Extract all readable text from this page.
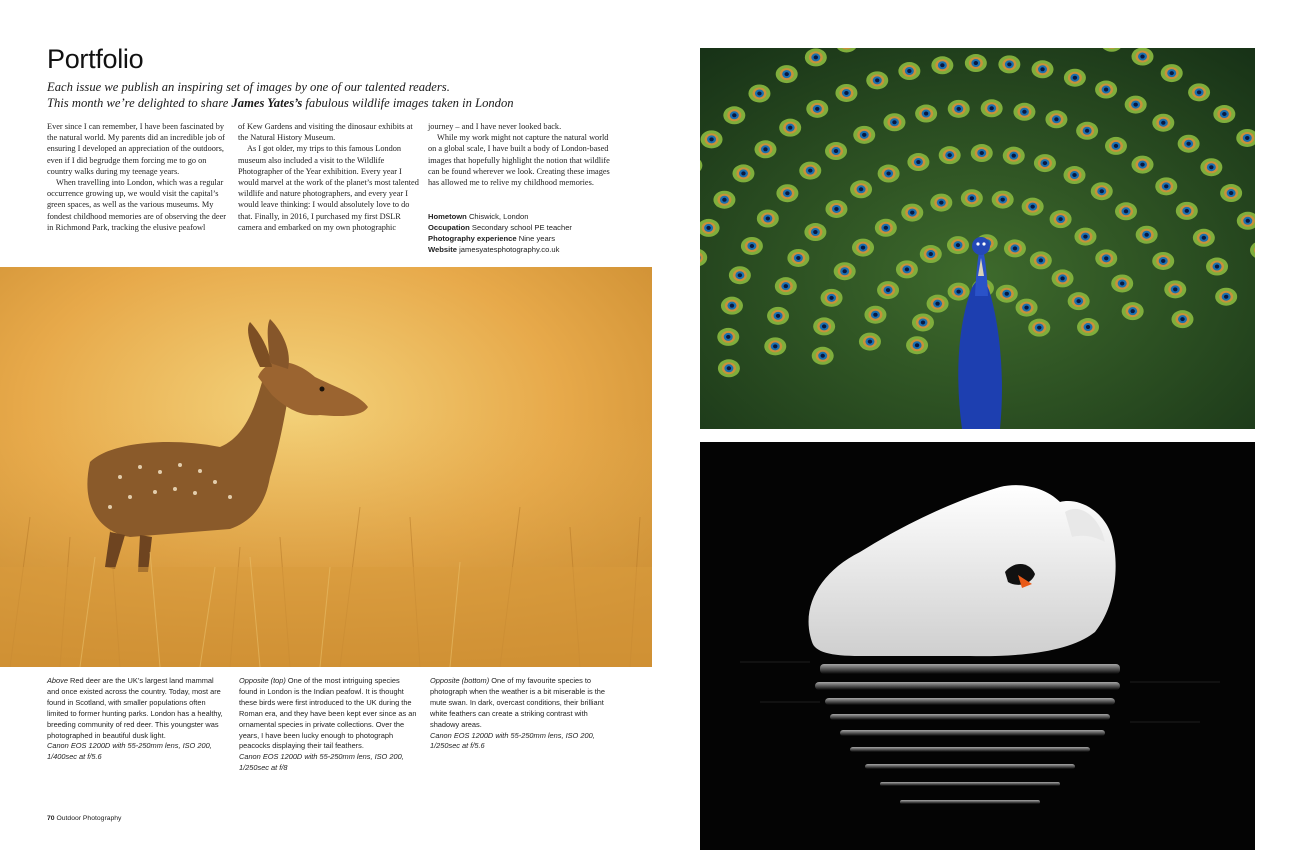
Portfolio
Each issue we publish an inspiring set of images by one of our talented readers.
This month we’re delighted to share James Yates’s fabulous wildlife images taken in London

Ever since I can remember, I have been fascinated by the natural world. My parents did an incredible job of ensuring I developed an appreciation of the outdoors, even if I did begrudge them forcing me to go on country walks during my teenage years.

When travelling into London, which was a regular occurrence growing up, we would visit the capital’s green spaces, as well as the various museums. My fondest childhood memories are of observing the deer in Richmond Park, tracking the elusive peafowl

of Kew Gardens and visiting the dinosaur exhibits at the Natural History Museum.

As I got older, my trips to this famous London museum also included a visit to the Wildlife Photographer of the Year exhibition. Every year I would marvel at the work of the planet’s most talented wildlife and nature photographers, and every year I would leave thinking: I would absolutely love to do that. Finally, in 2016, I purchased my first DSLR camera and embarked on my own photographic

journey – and I have never looked back.

While my work might not capture the natural world on a global scale, I have built a body of London-based images that hopefully highlight the notion that wildlife can be found wherever we look. Creating these images has allowed me to relive my childhood memories.

Hometown Chiswick, London
Occupation Secondary school PE teacher
Photography experience Nine years
Website jamesyatesphotography.co.uk
Above Red deer are the UK’s largest land mammal and once existed across the country. Today, most are found in Scotland, with smaller populations often limited to former hunting parks. London has a healthy, breeding community of red deer. This youngster was photographed in beautiful dusk light.
Canon EOS 1200D with 55-250mm lens, ISO 200, 1/400sec at f/5.6
Opposite (top) One of the most intriguing species found in London is the Indian peafowl. It is thought these birds were first introduced to the UK during the Roman era, and they have been kept ever since as an ornamental species in private collections. Over the years, I have been lucky enough to photograph peacocks displaying their tail feathers.
Canon EOS 1200D with 55-250mm lens, ISO 200, 1/250sec at f/8
Opposite (bottom) One of my favourite species to photograph when the weather is a bit miserable is the mute swan. In dark, overcast conditions, their brilliant white feathers can create a striking contrast with shadowy areas.
Canon EOS 1200D with 55-250mm lens, ISO 200, 1/250sec at f/5.6
70 Outdoor Photography
